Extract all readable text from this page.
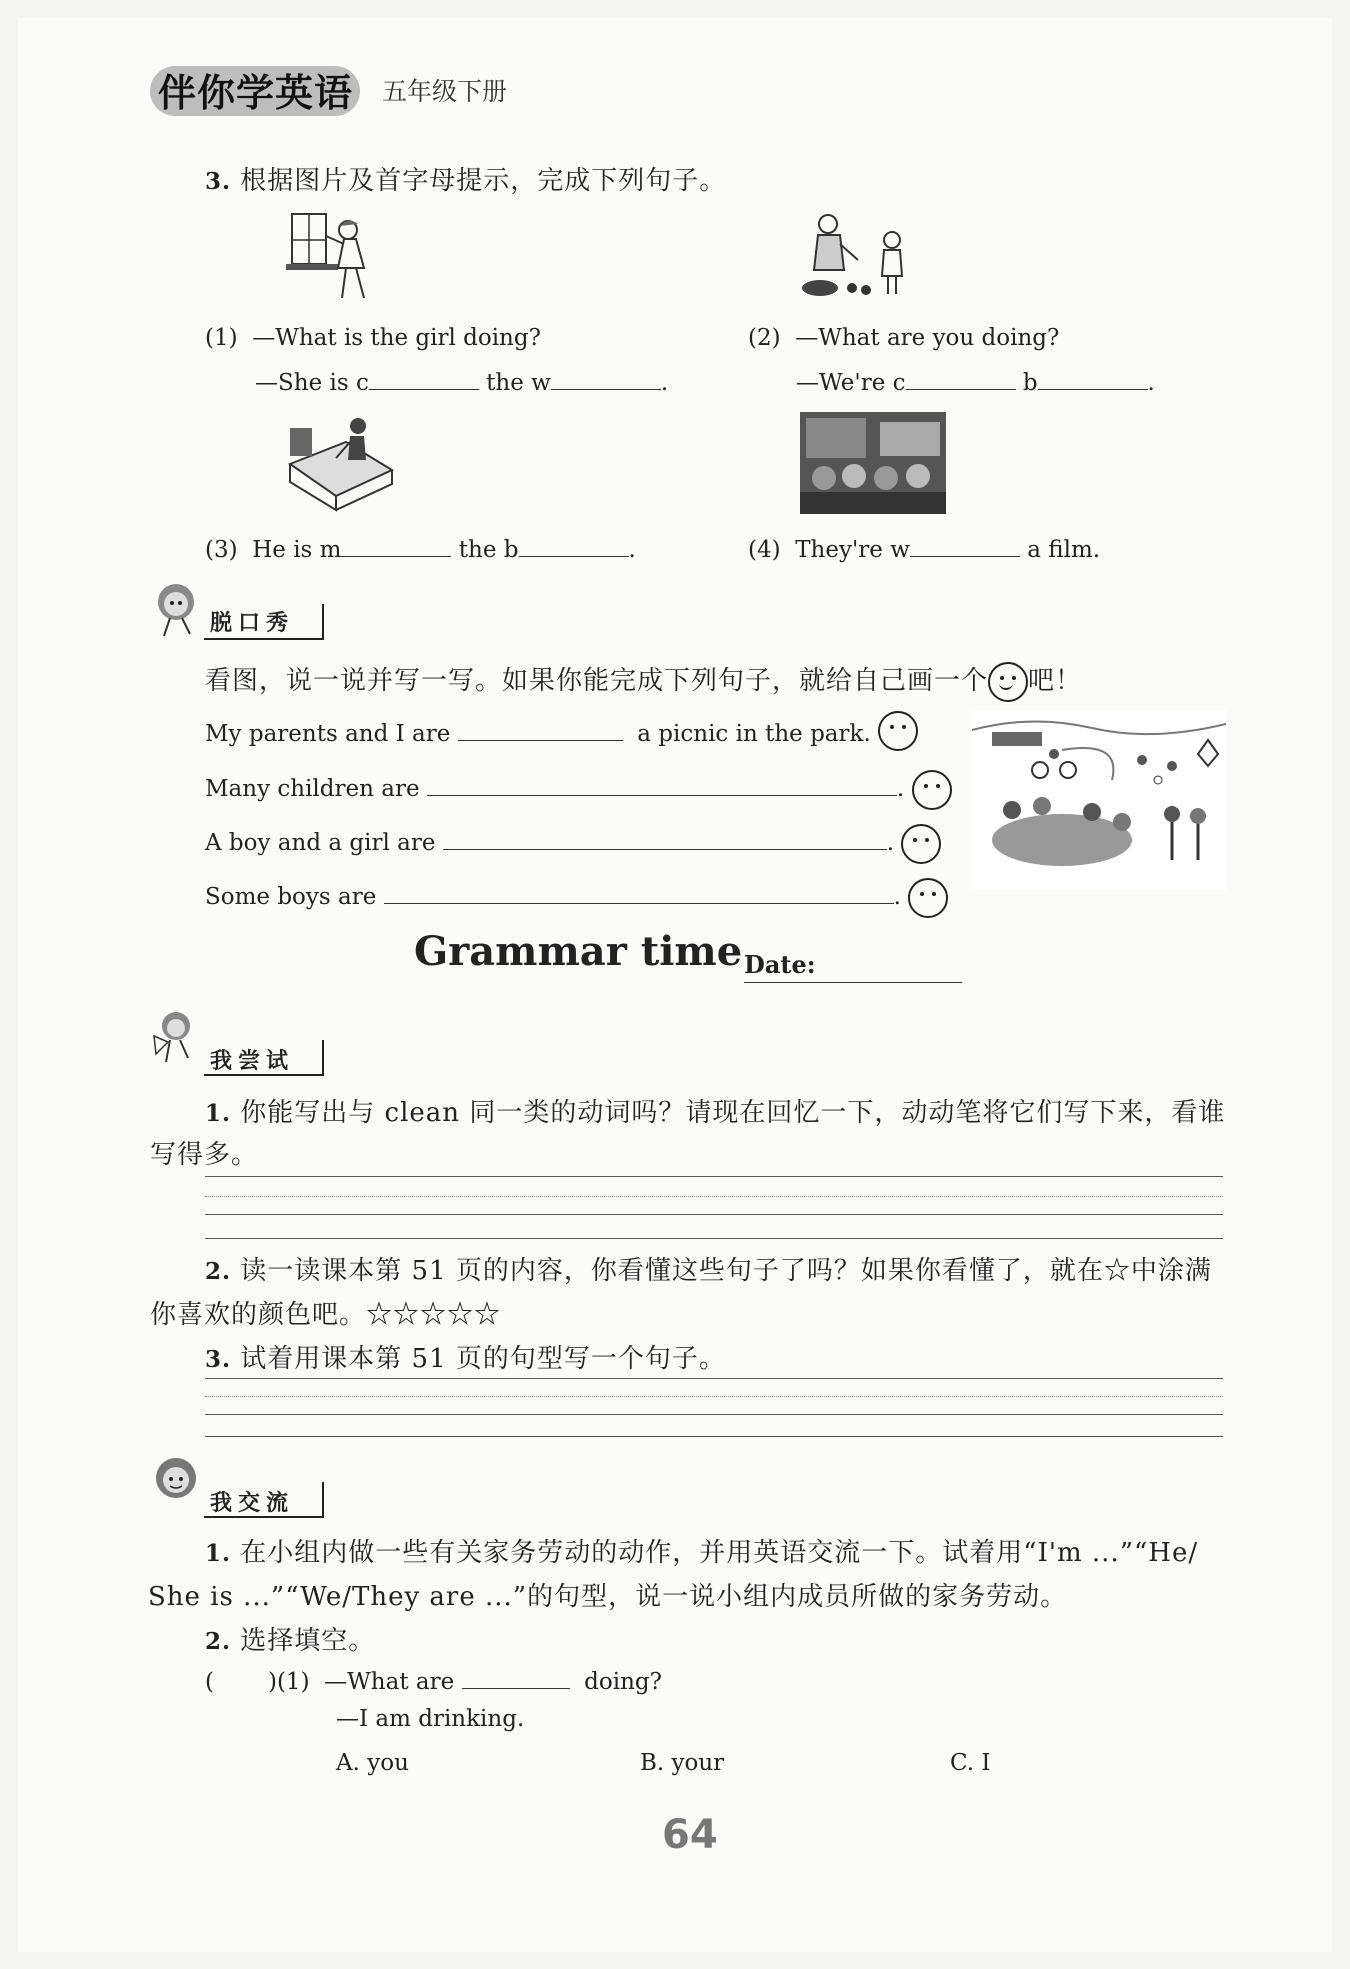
伴你学英语 五年级下册
3. 根据图片及首字母提示，完成下列句子。
(1) —What is the girl doing?
—She is c	the w	.
(2) —What are you doing?
—We're c	b	.
(3) He is m	the b	.	(4) They're w	a film.
脱口秀
看图，说一说并写一写。如果你能完成下列句子，就给自己画一个 吧！
My parents and I are	a picnic in the park.
Many children are	.
A boy and a girl are	.
Some boys are	.
Grammar time Date:
我尝试
1. 你能写出与 clean 同一类的动词吗？请现在回忆一下，动动笔将它们写下来，看谁
写得多。
2. 读一读课本第 51 页的内容，你看懂这些句子了吗？如果你看懂了，就在☆中涂满
你喜欢的颜色吧。☆☆☆☆☆
3. 试着用课本第 51 页的句型写一个句子。
我交流
1. 在小组内做一些有关家务劳动的动作，并用英语交流一下。试着用“I'm ...”“He/
She is ...”“We/They are ...”的句型，说一说小组内成员所做的家务劳动。
2. 选择填空。
( )(1) —What are	doing?
—I am drinking.
A. you	B. your	C. I
64
